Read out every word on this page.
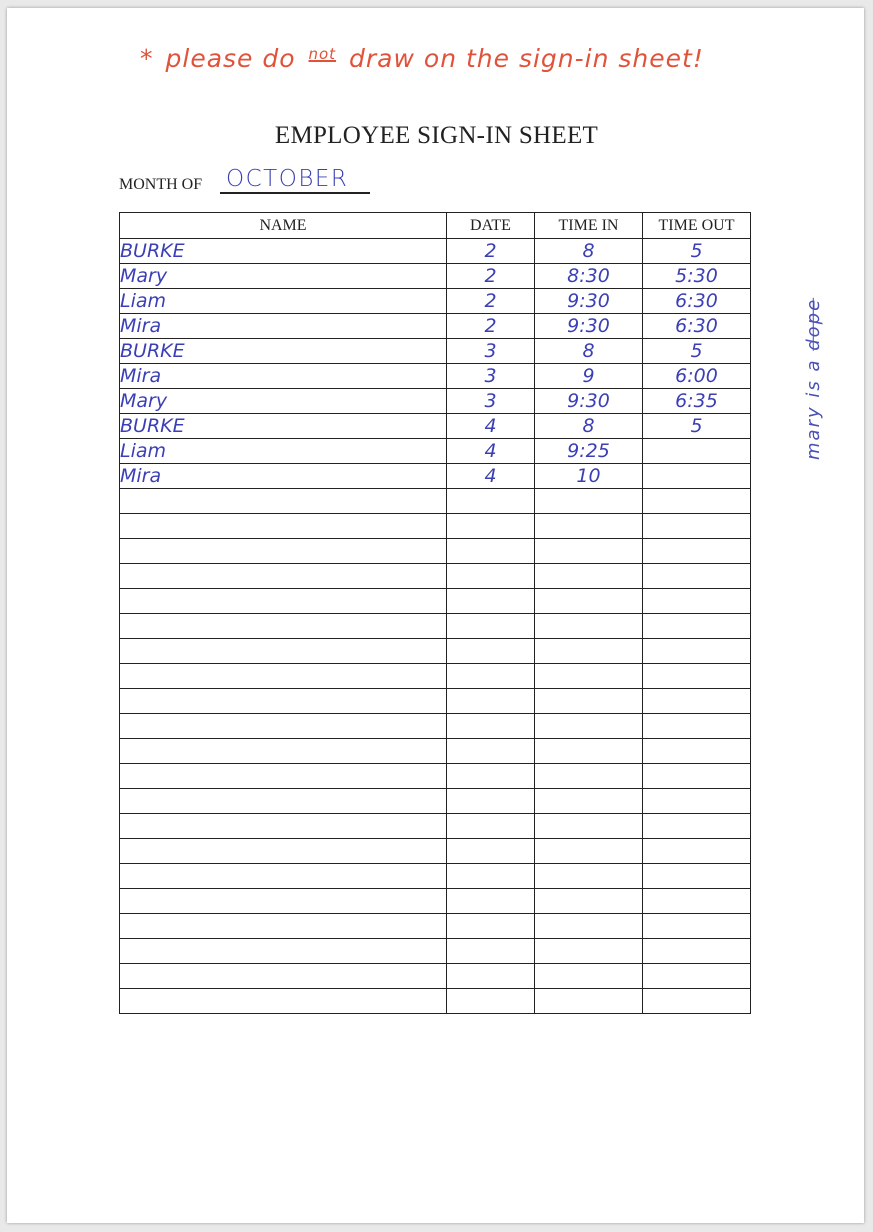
* please do $^{not}$ draw on the sign-in sheet!
EMPLOYEE SIGN-IN SHEET
MONTH OF OCTOBER
NAME	DATE	TIME IN	TIME OUT
BURKE	2	8	5
Mary	2	8:30	5:30
Liam	2	9:30	6:30
Mira	2	9:30	6:30
BURKE	3	8	5
Mira	3	9	6:00
Mary	3	9:30	6:35
BURKE	4	8	5
Liam	4	9:25	
Mira	4	10	

mary is a dope
